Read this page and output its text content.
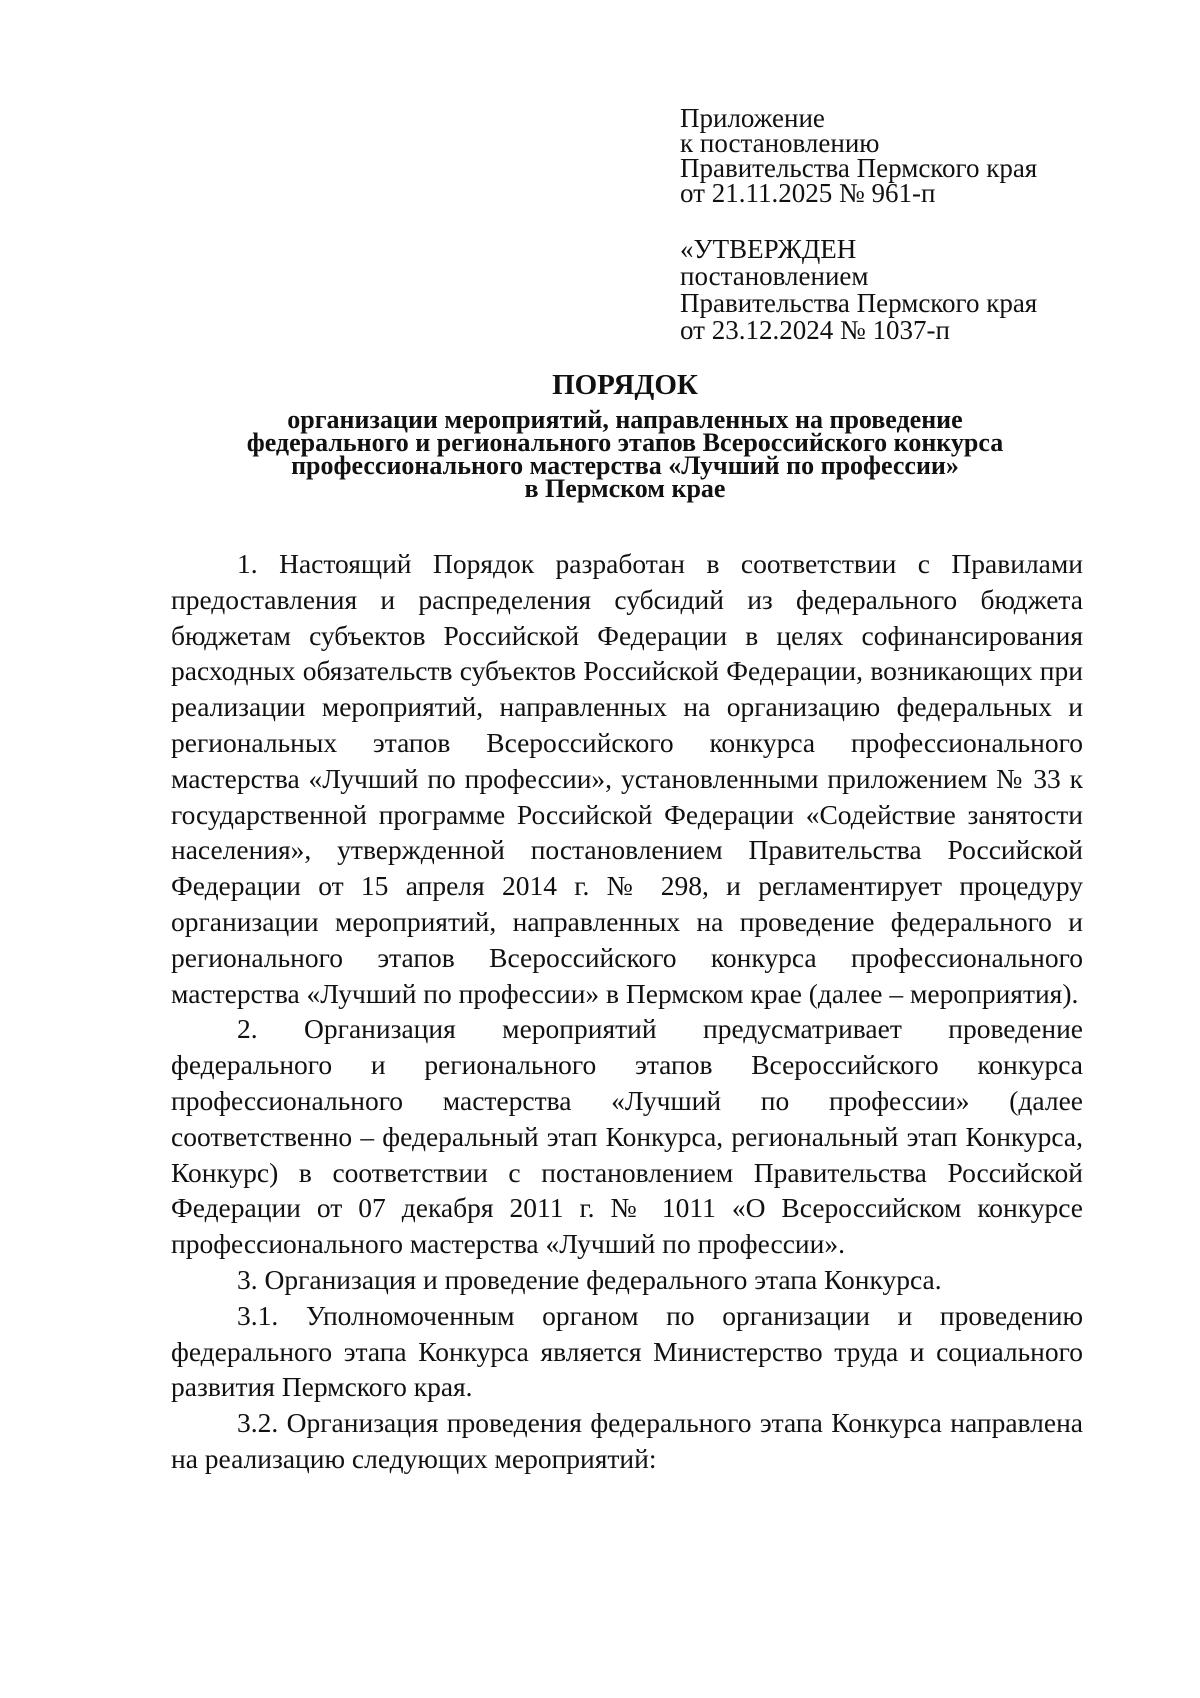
Приложение
к постановлению
Правительства Пермского края
от 21.11.2025 № 961-п
«УТВЕРЖДЕН
постановлением
Правительства Пермского края
от 23.12.2024 № 1037-п
ПОРЯДОК
организации мероприятий, направленных на проведение
федерального и регионального этапов Всероссийского конкурса
профессионального мастерства «Лучший по профессии»
в Пермском крае

1. Настоящий Порядок разработан в соответствии с Правилами предоставления и распределения субсидий из федерального бюджета бюджетам субъектов Российской Федерации в целях софинансирования расходных обязательств субъектов Российской Федерации, возникающих при реализации мероприятий, направленных на организацию федеральных и региональных этапов Всероссийского конкурса профессионального мастерства «Лучший по профессии», установленными приложением № 33 к государственной программе Российской Федерации «Содействие занятости населения», утвержденной постановлением Правительства Российской Федерации от 15 апреля 2014 г. № 298, и регламентирует процедуру организации мероприятий, направленных на проведение федерального и регионального этапов Всероссийского конкурса профессионального мастерства «Лучший по профессии» в Пермском крае (далее – мероприятия).

2. Организация мероприятий предусматривает проведение федерального и регионального этапов Всероссийского конкурса профессионального мастерства «Лучший по профессии» (далее соответственно – федеральный этап Конкурса, региональный этап Конкурса, Конкурс) в соответствии с постановлением Правительства Российской Федерации от 07 декабря 2011 г. № 1011 «О Всероссийском конкурсе профессионального мастерства «Лучший по профессии».

3. Организация и проведение федерального этапа Конкурса.

3.1. Уполномоченным органом по организации и проведению федерального этапа Конкурса является Министерство труда и социального развития Пермского края.

3.2. Организация проведения федерального этапа Конкурса направлена на реализацию следующих мероприятий:
